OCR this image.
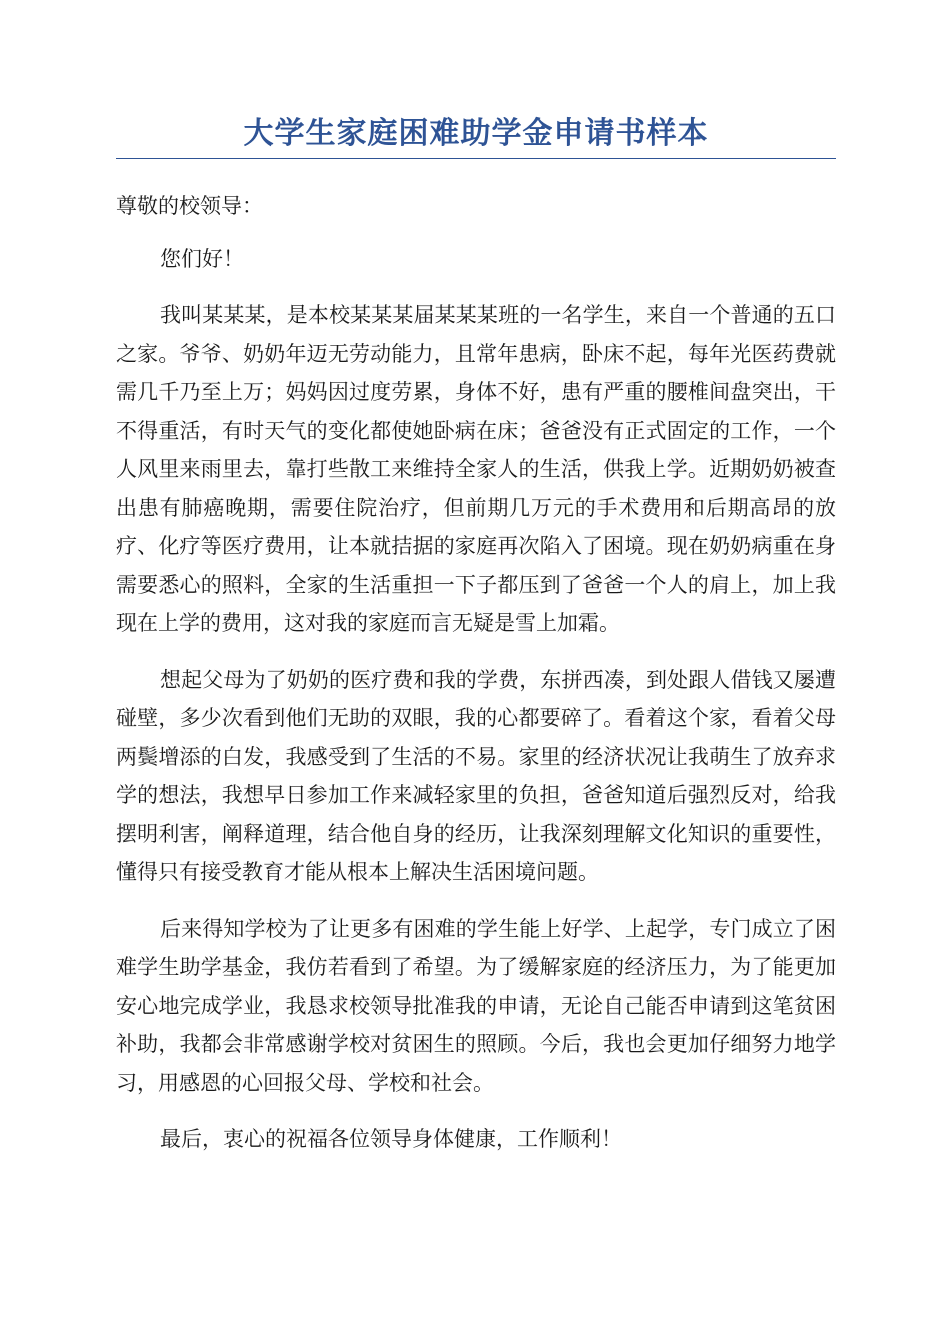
大学生家庭困难助学金申请书样本

尊敬的校领导：

您们好！

我叫某某某，是本校某某某届某某某班的一名学生，来自一个普通的五口之家。爷爷、奶奶年迈无劳动能力，且常年患病，卧床不起，每年光医药费就需几千乃至上万；妈妈因过度劳累，身体不好，患有严重的腰椎间盘突出，干不得重活，有时天气的变化都使她卧病在床；爸爸没有正式固定的工作，一个人风里来雨里去，靠打些散工来维持全家人的生活，供我上学。近期奶奶被查出患有肺癌晚期，需要住院治疗，但前期几万元的手术费用和后期高昂的放疗、化疗等医疗费用，让本就拮据的家庭再次陷入了困境。现在奶奶病重在身需要悉心的照料，全家的生活重担一下子都压到了爸爸一个人的肩上，加上我现在上学的费用，这对我的家庭而言无疑是雪上加霜。

想起父母为了奶奶的医疗费和我的学费，东拼西凑，到处跟人借钱又屡遭碰壁，多少次看到他们无助的双眼，我的心都要碎了。看着这个家，看着父母两鬓增添的白发，我感受到了生活的不易。家里的经济状况让我萌生了放弃求学的想法，我想早日参加工作来减轻家里的负担，爸爸知道后强烈反对，给我摆明利害，阐释道理，结合他自身的经历，让我深刻理解文化知识的重要性，懂得只有接受教育才能从根本上解决生活困境问题。

后来得知学校为了让更多有困难的学生能上好学、上起学，专门成立了困难学生助学基金，我仿若看到了希望。为了缓解家庭的经济压力，为了能更加安心地完成学业，我恳求校领导批准我的申请，无论自己能否申请到这笔贫困补助，我都会非常感谢学校对贫困生的照顾。今后，我也会更加仔细努力地学习，用感恩的心回报父母、学校和社会。

最后，衷心的祝福各位领导身体健康，工作顺利！
